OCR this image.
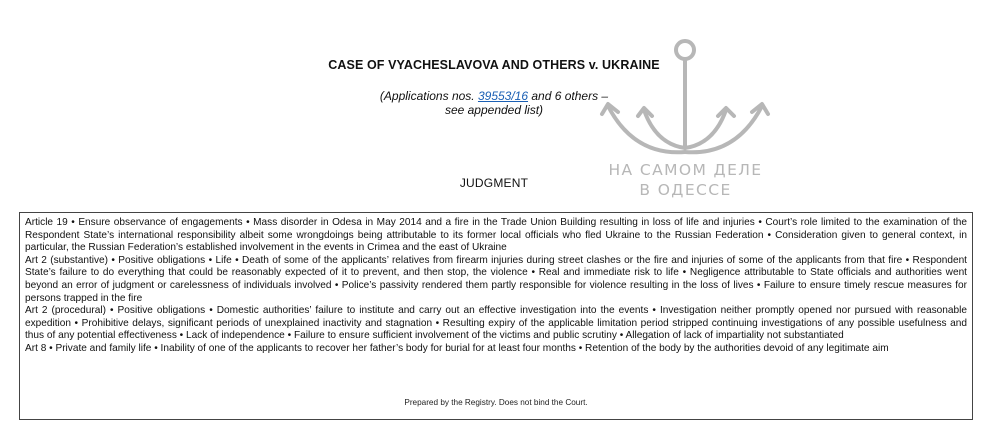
CASE OF VYACHESLAVOVA AND OTHERS v. UKRAINE
(Applications nos. 39553/16 and 6 others –
see appended list)
НА САМОМ ДЕЛЕ
В ОДЕССЕ
JUDGMENT

Article 19 • Ensure observance of engagements • Mass disorder in Odesa in May 2014 and a fire in the Trade Union Building resulting in loss of life and injuries • Court’s role limited to the examination of the Respondent State’s international responsibility albeit some wrongdoings being attributable to its former local officials who fled Ukraine to the Russian Federation • Consideration given to general context, in particular, the Russian Federation’s established involvement in the events in Crimea and the east of Ukraine

Art 2 (substantive) • Positive obligations • Life • Death of some of the applicants’ relatives from firearm injuries during street clashes or the fire and injuries of some of the applicants from that fire • Respondent State’s failure to do everything that could be reasonably expected of it to prevent, and then stop, the violence • Real and immediate risk to life • Negligence attributable to State officials and authorities went beyond an error of judgment or carelessness of individuals involved • Police’s passivity rendered them partly responsible for violence resulting in the loss of lives • Failure to ensure timely rescue measures for persons trapped in the fire

Art 2 (procedural) • Positive obligations • Domestic authorities’ failure to institute and carry out an effective investigation into the events • Investigation neither promptly opened nor pursued with reasonable expedition • Prohibitive delays, significant periods of unexplained inactivity and stagnation • Resulting expiry of the applicable limitation period stripped continuing investigations of any possible usefulness and thus of any potential effectiveness • Lack of independence • Failure to ensure sufficient involvement of the victims and public scrutiny • Allegation of lack of impartiality not substantiated

Art 8 • Private and family life • Inability of one of the applicants to recover her father’s body for burial for at least four months • Retention of the body by the authorities devoid of any legitimate aim

Prepared by the Registry. Does not bind the Court.
